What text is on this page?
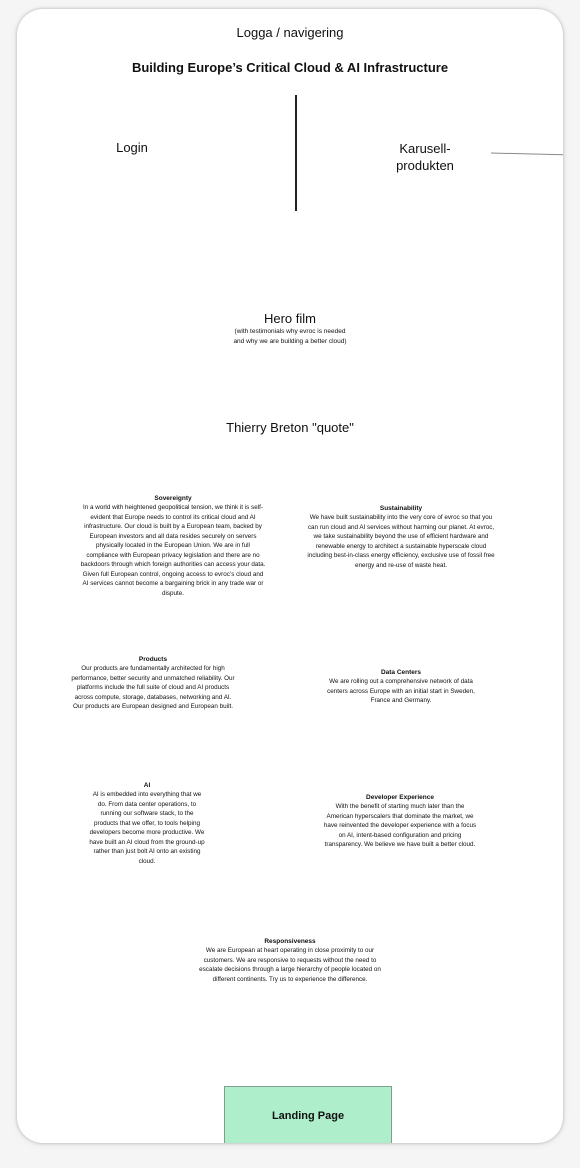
Logga / navigering
Building Europe’s Critical Cloud & AI Infrastructure
Login	Karusell-
produkten
Hero film
(with testimonials why evroc is needed and why we are building a better cloud)
Thierry Breton "quote"
Sovereignty

In a world with heightened geopolitical tension, we think it is self-evident that Europe needs to control its critical cloud and AI infrastructure. Our cloud is built by a European team, backed by European investors and all data resides securely on servers physically located in the European Union. We are in full compliance with European privacy legislation and there are no backdoors through which foreign authorities can access your data. Given full European control, ongoing access to evroc’s cloud and AI services cannot become a bargaining brick in any trade war or dispute.

Sustainability

We have built sustainability into the very core of evroc so that you can run cloud and AI services without harming our planet. At evroc, we take sustainability beyond the use of efficient hardware and renewable energy to architect a sustainable hyperscale cloud including best-in-class energy efficiency, exclusive use of fossil free energy and re-use of waste heat.

Products

Our products are fundamentally architected for high performance, better security and unmatched reliability. Our platforms include the full suite of cloud and AI products across compute, storage, databases, networking and AI. Our products are European designed and European built.

Data Centers

We are rolling out a comprehensive network of data centers across Europe with an initial start in Sweden, France and Germany.

AI

AI is embedded into everything that we do. From data center operations, to running our software stack, to the products that we offer, to tools helping developers become more productive. We have built an AI cloud from the ground-up rather than just bolt AI onto an existing cloud.

Developer Experience

With the benefit of starting much later than the American hyperscalers that dominate the market, we have reinvented the developer experience with a focus on AI, intent-based configuration and pricing transparency. We believe we have built a better cloud.

Responsiveness

We are European at heart operating in close proximity to our customers. We are responsive to requests without the need to escalate decisions through a large hierarchy of people located on different continents. Try us to experience the difference.

Landing Page
